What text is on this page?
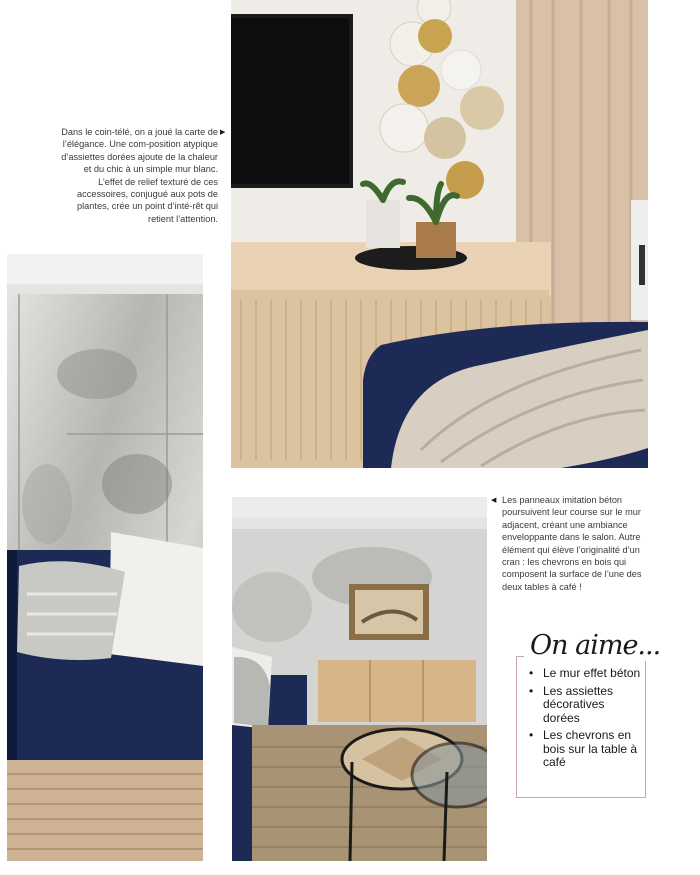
Dans le coin-télé, on a joué la carte de l’élégance. Une com-position atypique d’assiettes dorées ajoute de la chaleur et du chic à un simple mur blanc. L’effet de relief texturé de ces accessoires, conjugué aux pots de plantes, crée un point d’inté-rêt qui retient l’attention.
▶
◀ Les panneaux imitation béton poursuivent leur course sur le mur adjacent, créant une ambiance enveloppante dans le salon. Autre élément qui élève l’originalité d’un cran : les chevrons en bois qui composent la surface de l’une des deux tables à café !
• Le mur effet béton
• Les assiettes décoratives dorées
• Les chevrons en bois sur la table à café
On aime...
